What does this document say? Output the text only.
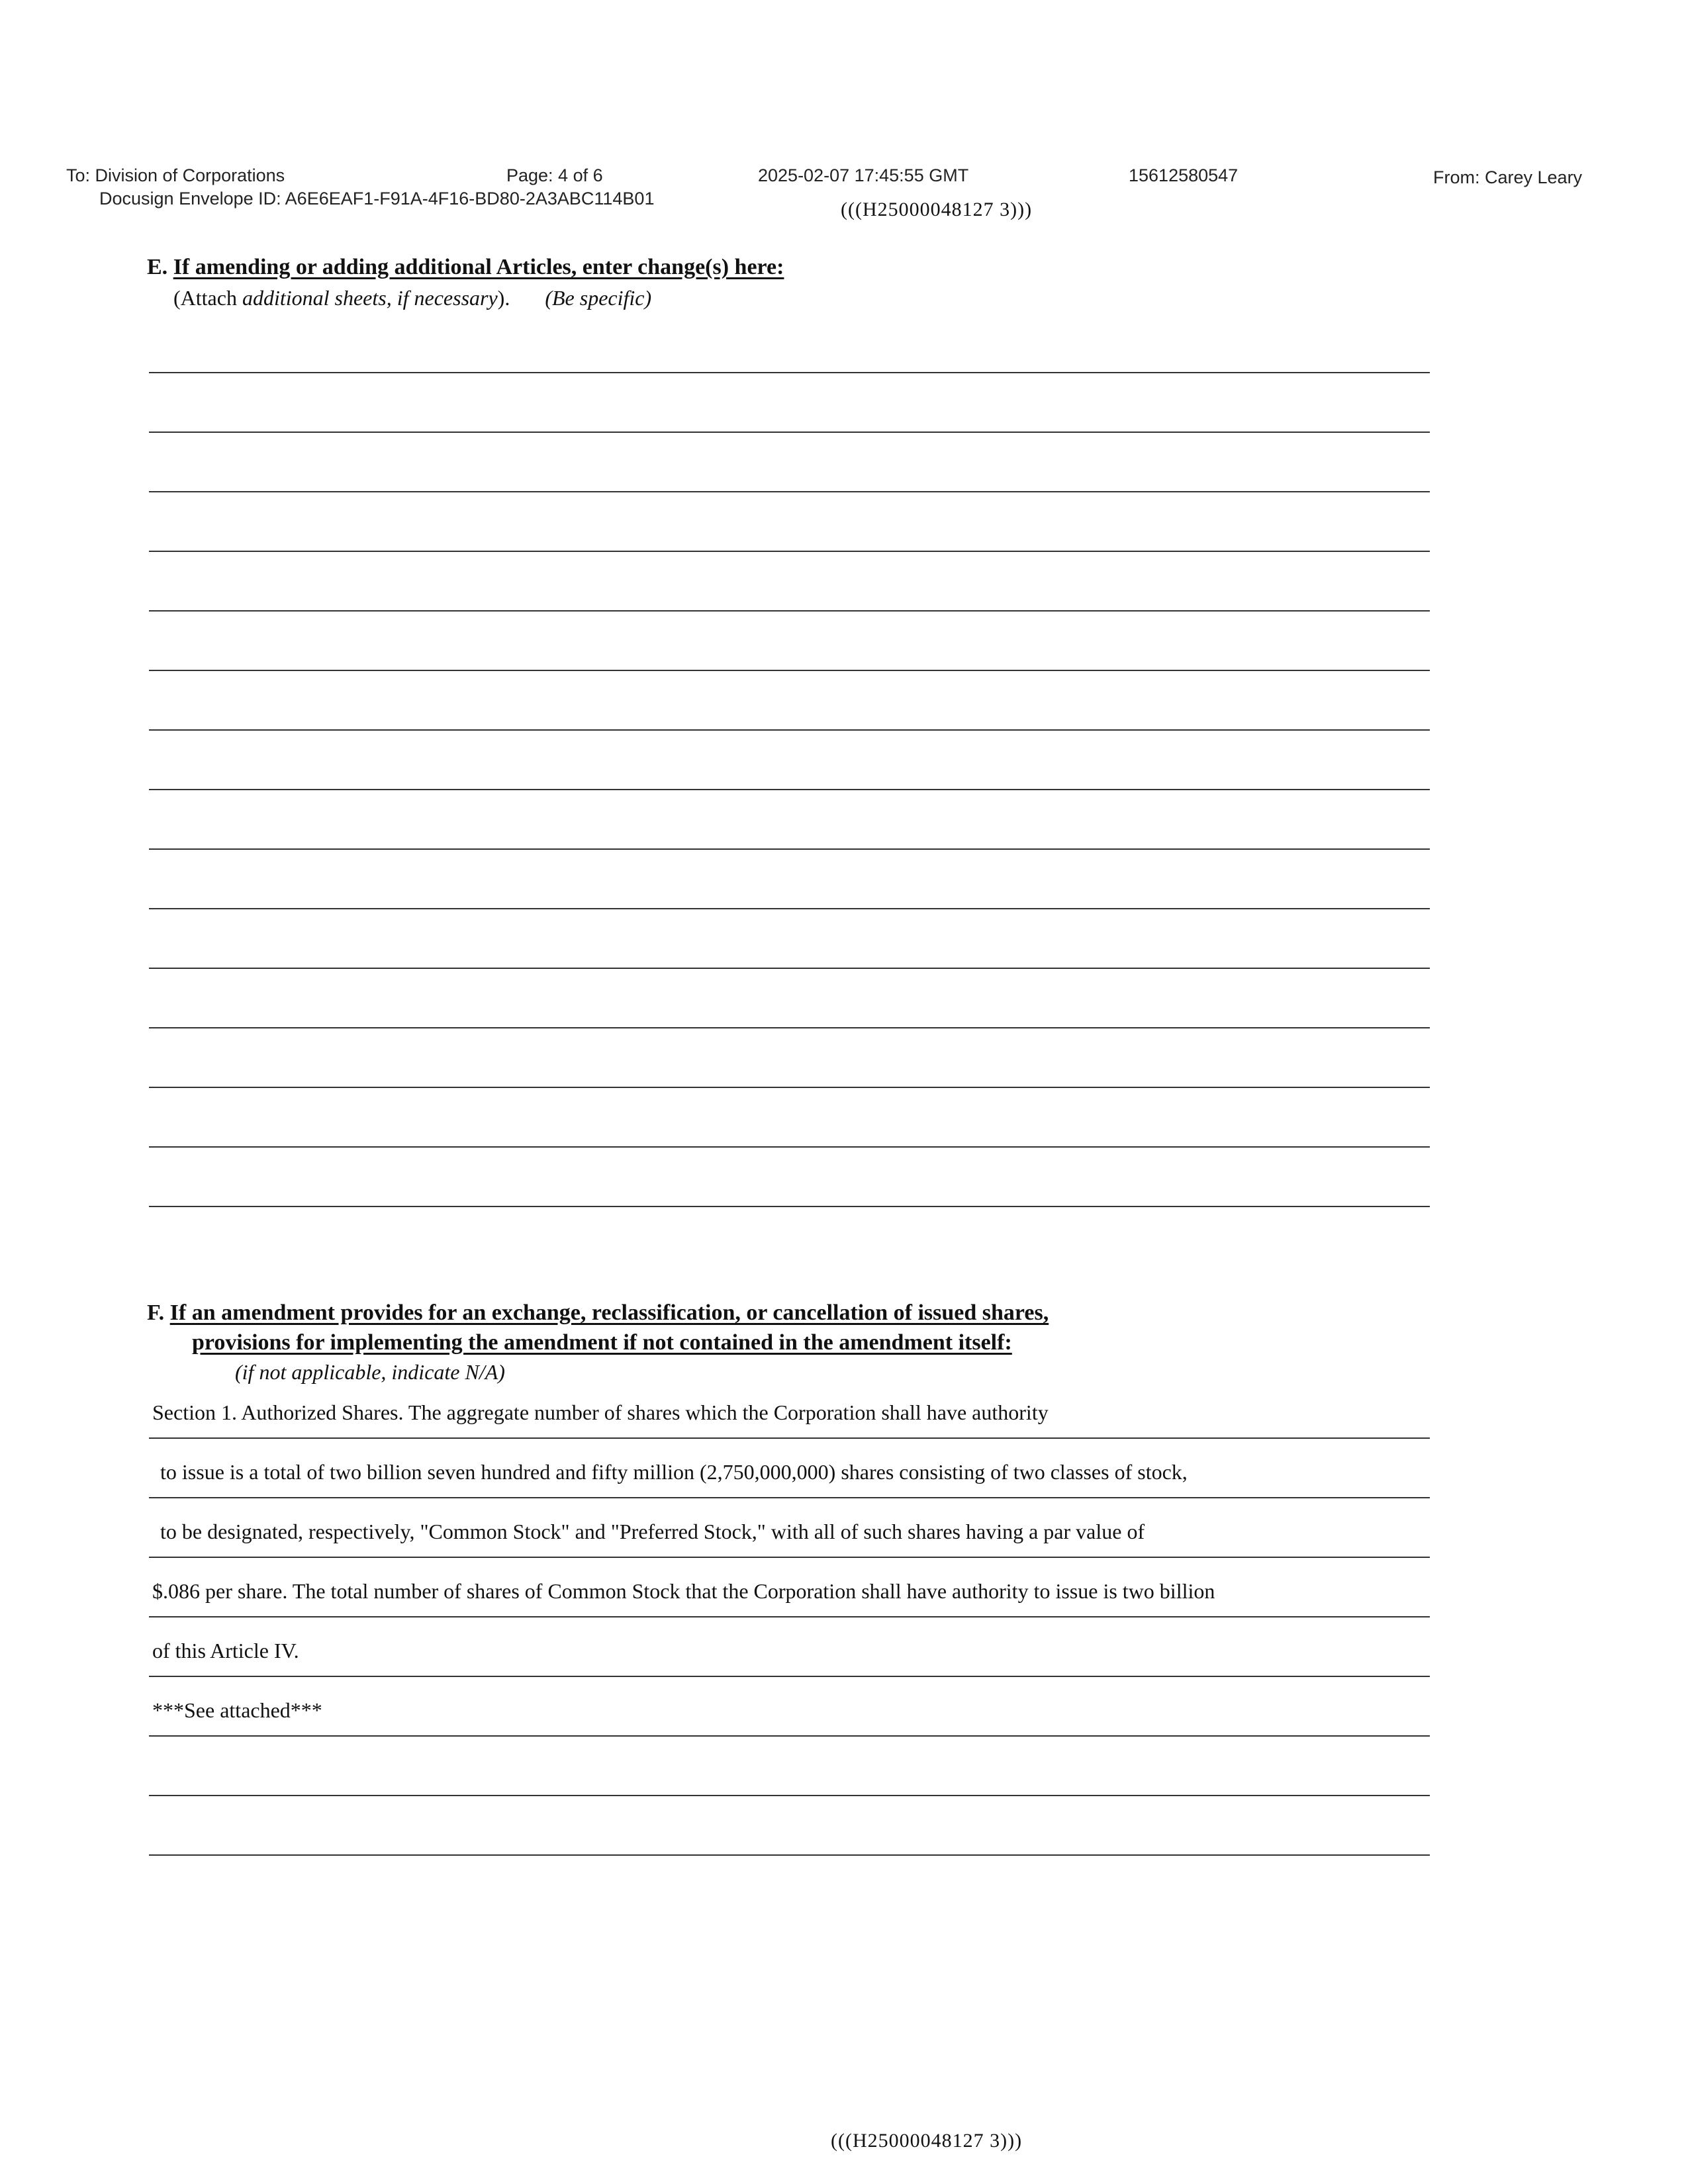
To: Division of Corporations
Docusign Envelope ID: A6E6EAF1-F91A-4F16-BD80-2A3ABC114B01
Page: 4 of 6	2025-02-07 17:45:55 GMT	15612580547	From: Carey Leary
(((H25000048127 3)))
E. If amending or adding additional Articles, enter change(s) here:
(Attach additional sheets, if necessary). (Be specific)
F. If an amendment provides for an exchange, reclassification, or cancellation of issued shares,
provisions for implementing the amendment if not contained in the amendment itself:
(if not applicable, indicate N/A)
Section 1. Authorized Shares. The aggregate number of shares which the Corporation shall have authority
to issue is a total of two billion seven hundred and fifty million (2,750,000,000) shares consisting of two classes of stock,
to be designated, respectively, "Common Stock" and "Preferred Stock," with all of such shares having a par value of
$.086 per share. The total number of shares of Common Stock that the Corporation shall have authority to issue is two billion
of this Article IV.
***See attached***
(((H25000048127 3)))
